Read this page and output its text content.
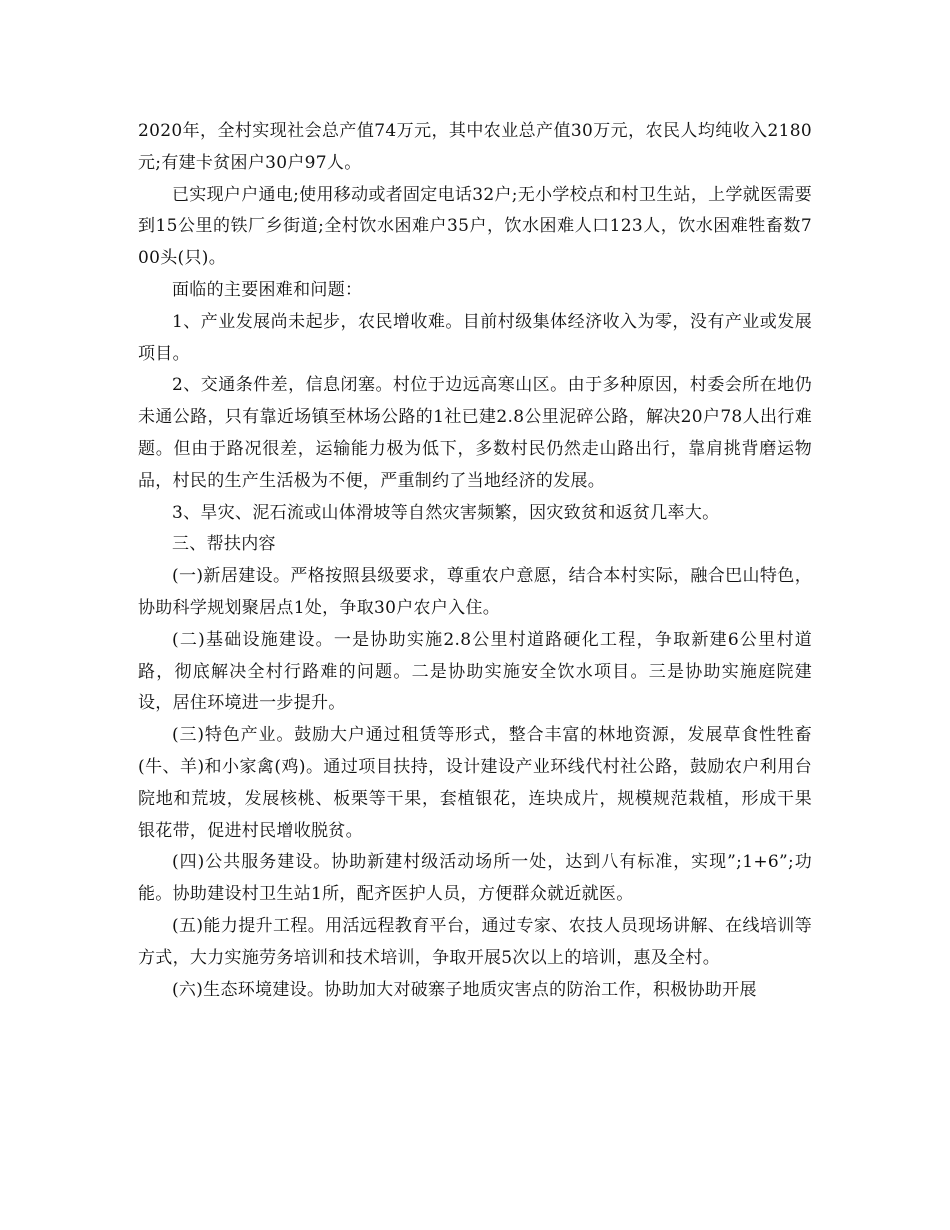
2020年，全村实现社会总产值74万元，其中农业总产值30万元，农民人均纯收入2180元;有建卡贫困户30户97人。

已实现户户通电;使用移动或者固定电话32户;无小学校点和村卫生站，上学就医需要到15公里的铁厂乡街道;全村饮水困难户35户，饮水困难人口123人，饮水困难牲畜数700头(只)。

面临的主要困难和问题：

1、产业发展尚未起步，农民增收难。目前村级集体经济收入为零，没有产业或发展项目。

2、交通条件差，信息闭塞。村位于边远高寒山区。由于多种原因，村委会所在地仍未通公路，只有靠近场镇至林场公路的1社已建2.8公里泥碎公路，解决20户78人出行难题。但由于路况很差，运输能力极为低下，多数村民仍然走山路出行，靠肩挑背磨运物品，村民的生产生活极为不便，严重制约了当地经济的发展。

3、旱灾、泥石流或山体滑坡等自然灾害频繁，因灾致贫和返贫几率大。

三、帮扶内容

(一)新居建设。严格按照县级要求，尊重农户意愿，结合本村实际，融合巴山特色，协助科学规划聚居点1处，争取30户农户入住。

(二)基础设施建设。一是协助实施2.8公里村道路硬化工程，争取新建6公里村道路，彻底解决全村行路难的问题。二是协助实施安全饮水项目。三是协助实施庭院建设，居住环境进一步提升。

(三)特色产业。鼓励大户通过租赁等形式，整合丰富的林地资源，发展草食性牲畜(牛、羊)和小家禽(鸡)。通过项目扶持，设计建设产业环线代村社公路，鼓励农户利用台院地和荒坡，发展核桃、板栗等干果，套植银花，连块成片，规模规范栽植，形成干果银花带，促进村民增收脱贫。

(四)公共服务建设。协助新建村级活动场所一处，达到八有标准，实现”;1+6”;功能。协助建设村卫生站1所，配齐医护人员，方便群众就近就医。

(五)能力提升工程。用活远程教育平台，通过专家、农技人员现场讲解、在线培训等方式，大力实施劳务培训和技术培训，争取开展5次以上的培训，惠及全村。

(六)生态环境建设。协助加大对破寨子地质灾害点的防治工作，积极协助开展
